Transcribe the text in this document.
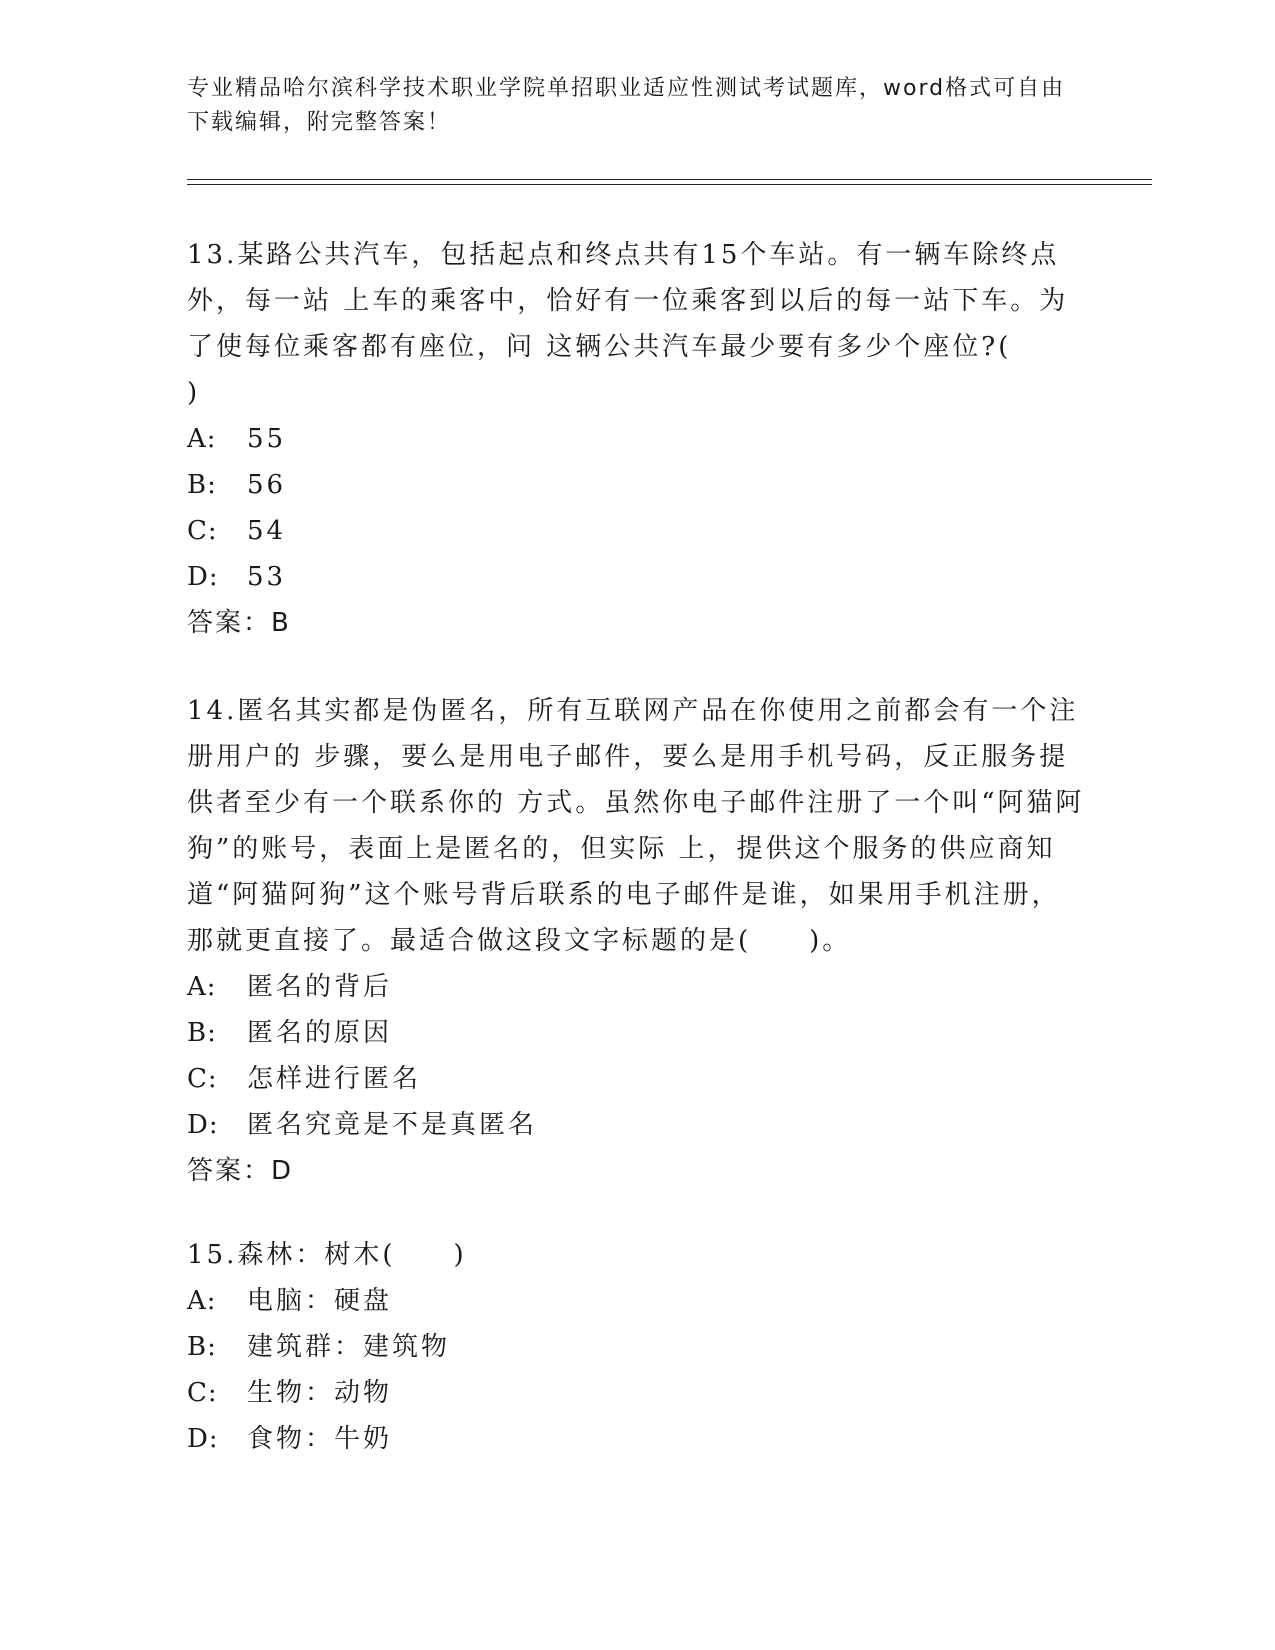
专业精品哈尔滨科学技术职业学院单招职业适应性测试考试题库，word格式可自由下载编辑，附完整答案！

13.某路公共汽车，包括起点和终点共有15个车站。有一辆车除终点外，每一站 上车的乘客中，恰好有一位乘客到以后的每一站下车。为了使每位乘客都有座位，问 这辆公共汽车最少要有多少个座位?(
)

A:	55
B:	56
C:	54
D:	53

答案：B

14.匿名其实都是伪匿名，所有互联网产品在你使用之前都会有一个注册用户的 步骤，要么是用电子邮件，要么是用手机号码，反正服务提供者至少有一个联系你的 方式。虽然你电子邮件注册了一个叫“阿猫阿狗”的账号，表面上是匿名的，但实际 上，提供这个服务的供应商知道“阿猫阿狗”这个账号背后联系的电子邮件是谁，如果用手机注册，那就更直接了。最适合做这段文字标题的是(　　)。

A:	匿名的背后
B:	匿名的原因
C:	怎样进行匿名
D:	匿名究竟是不是真匿名

答案：D

15.森林：树木(　　)

A:	电脑：硬盘
B:	建筑群：建筑物
C:	生物：动物
D:	食物：牛奶
